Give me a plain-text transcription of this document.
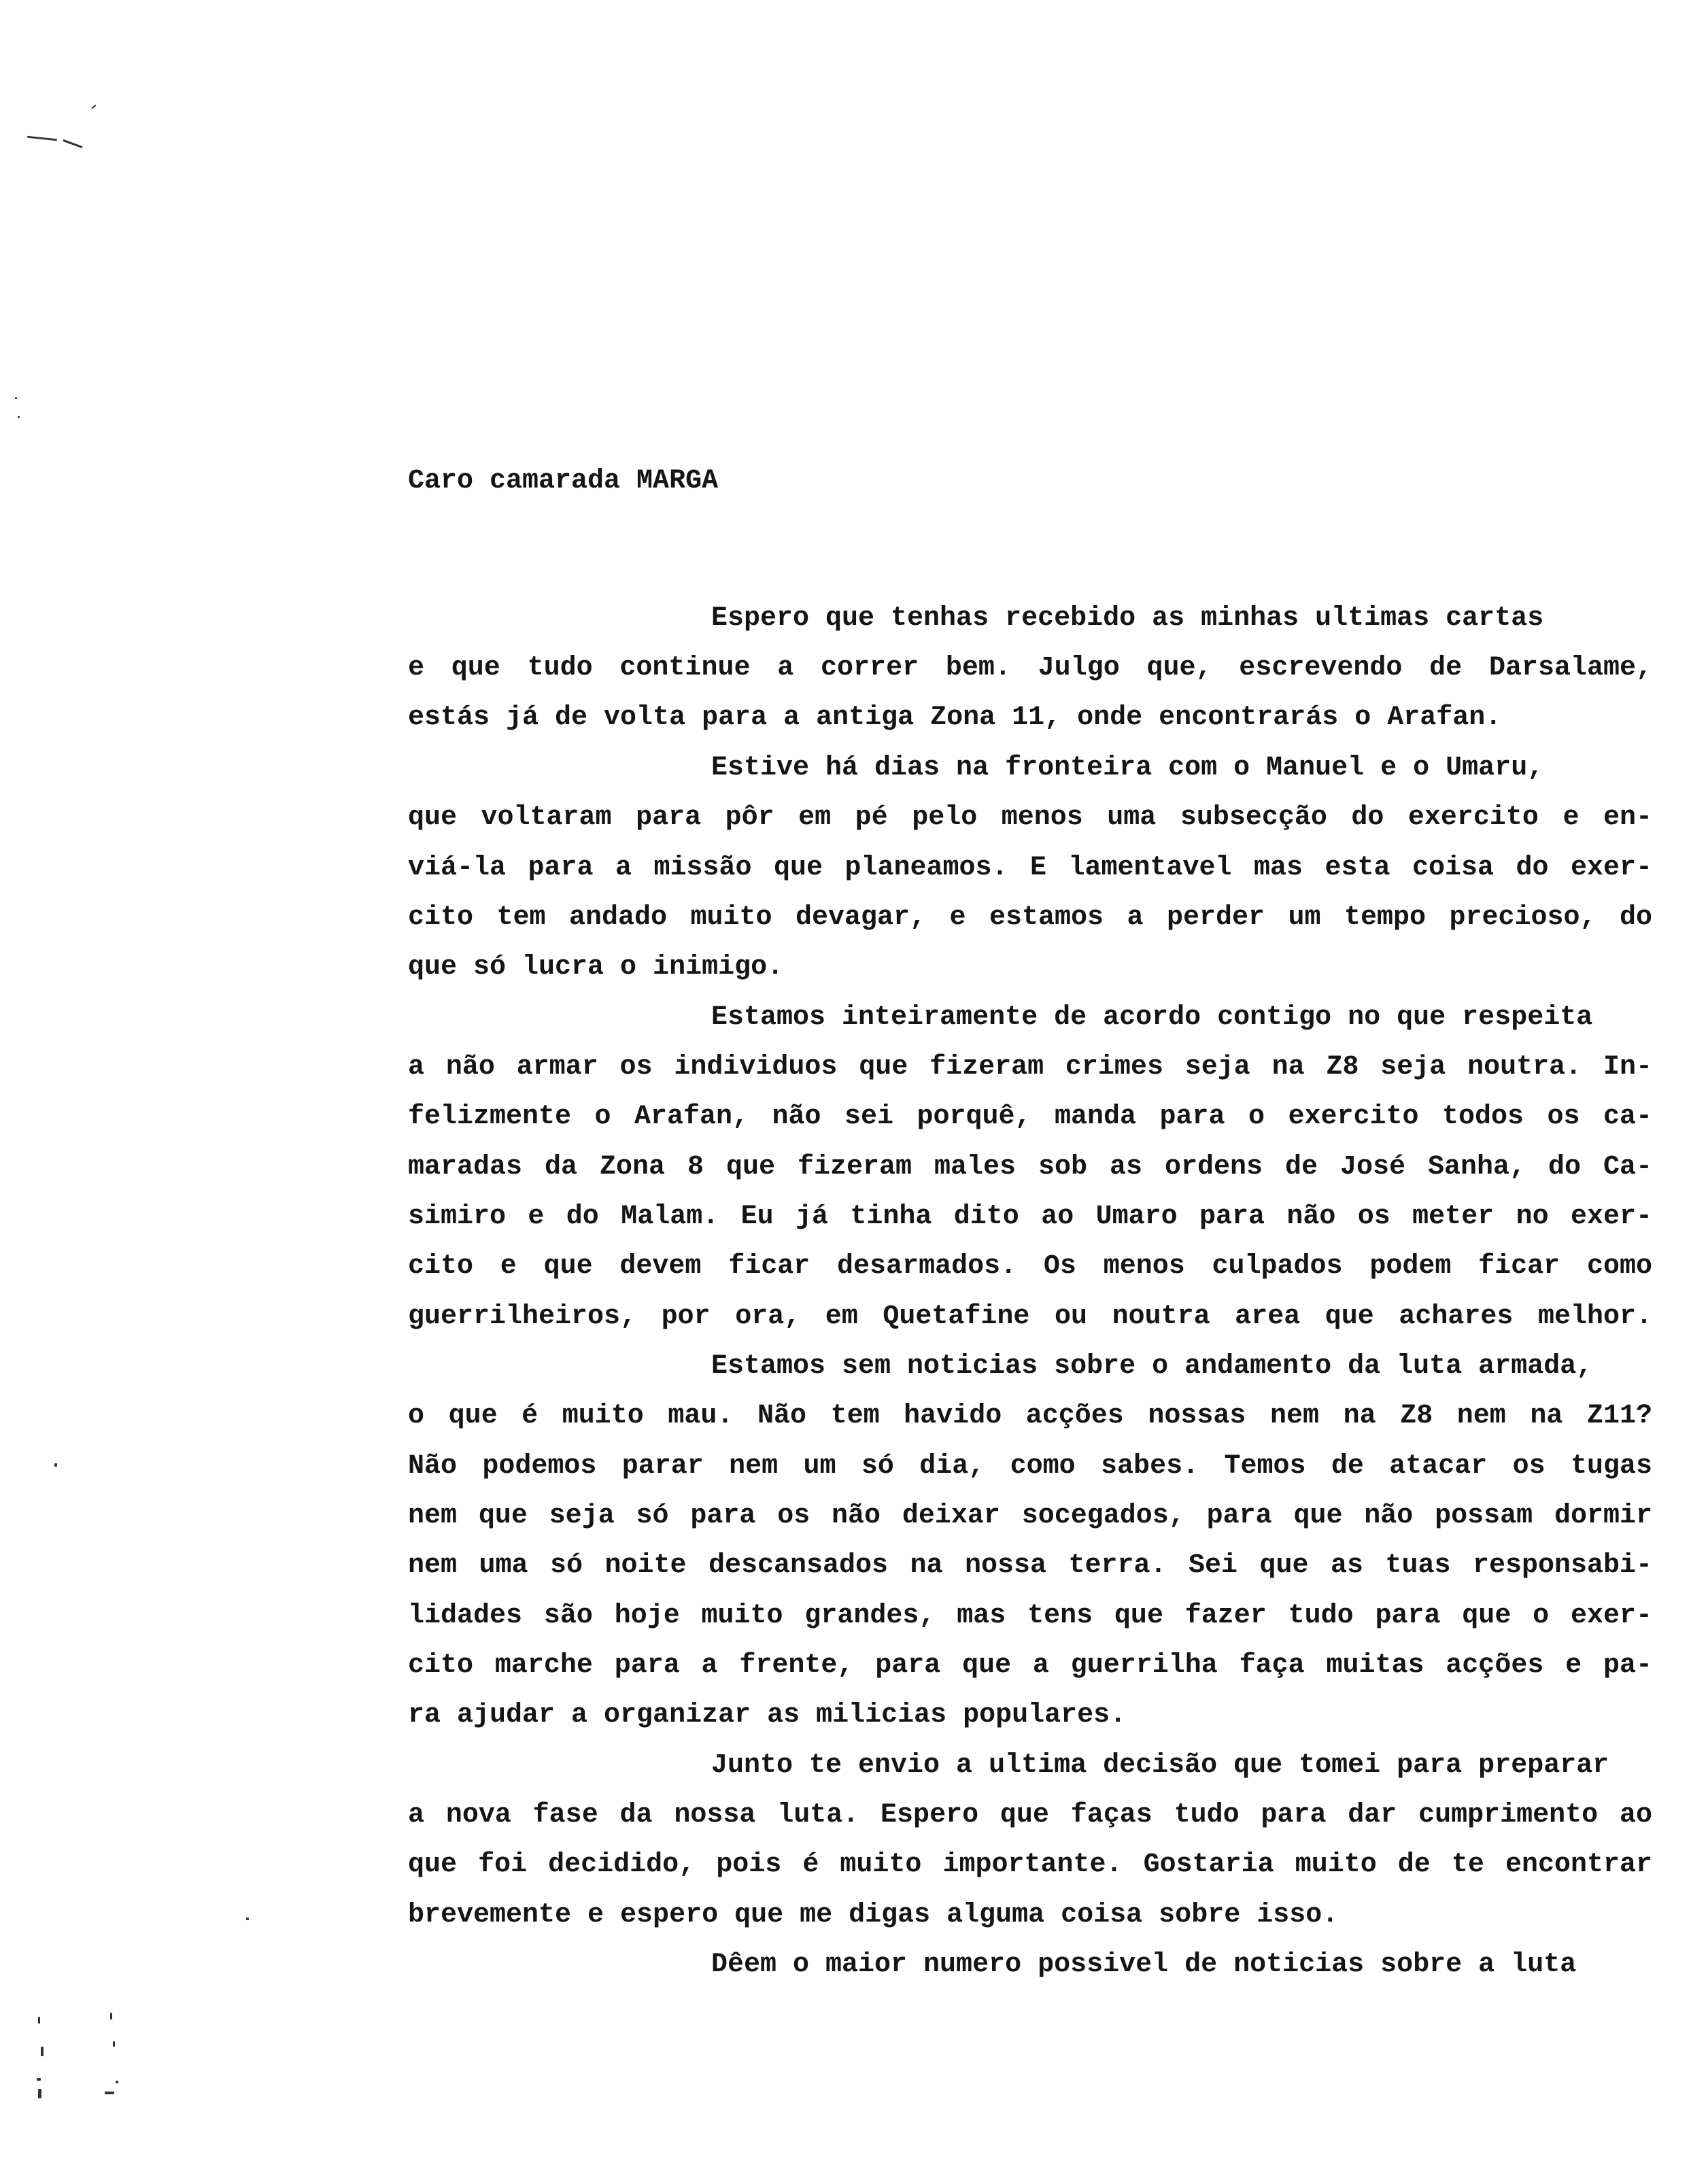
Caro camarada MARGA
Espero que tenhas recebido as minhas ultimas cartas
e que tudo continue a correr bem. Julgo que, escrevendo de Darsalame,
estás já de volta para a antiga Zona 11, onde encontrarás o Arafan.
Estive há dias na fronteira com o Manuel e o Umaru,
que voltaram para pôr em pé pelo menos uma subsecção do exercito e en-
viá-la para a missão que planeamos. E lamentavel mas esta coisa do exer-
cito tem andado muito devagar, e estamos a perder um tempo precioso, do
que só lucra o inimigo.
Estamos inteiramente de acordo contigo no que respeita
a não armar os individuos que fizeram crimes seja na Z8 seja noutra. In-
felizmente o Arafan, não sei porquê, manda para o exercito todos os ca-
maradas da Zona 8 que fizeram males sob as ordens de José Sanha, do Ca-
simiro e do Malam. Eu já tinha dito ao Umaro para não os meter no exer-
cito e que devem ficar desarmados. Os menos culpados podem ficar como
guerrilheiros, por ora, em Quetafine ou noutra area que achares melhor.
Estamos sem noticias sobre o andamento da luta armada,
o que é muito mau. Não tem havido acções nossas nem na Z8 nem na Z11?
Não podemos parar nem um só dia, como sabes. Temos de atacar os tugas
nem que seja só para os não deixar socegados, para que não possam dormir
nem uma só noite descansados na nossa terra. Sei que as tuas responsabi-
lidades são hoje muito grandes, mas tens que fazer tudo para que o exer-
cito marche para a frente, para que a guerrilha faça muitas acções e pa-
ra ajudar a organizar as milicias populares.
Junto te envio a ultima decisão que tomei para preparar
a nova fase da nossa luta. Espero que faças tudo para dar cumprimento ao
que foi decidido, pois é muito importante. Gostaria muito de te encontrar
brevemente e espero que me digas alguma coisa sobre isso.
Dêem o maior numero possivel de noticias sobre a luta
